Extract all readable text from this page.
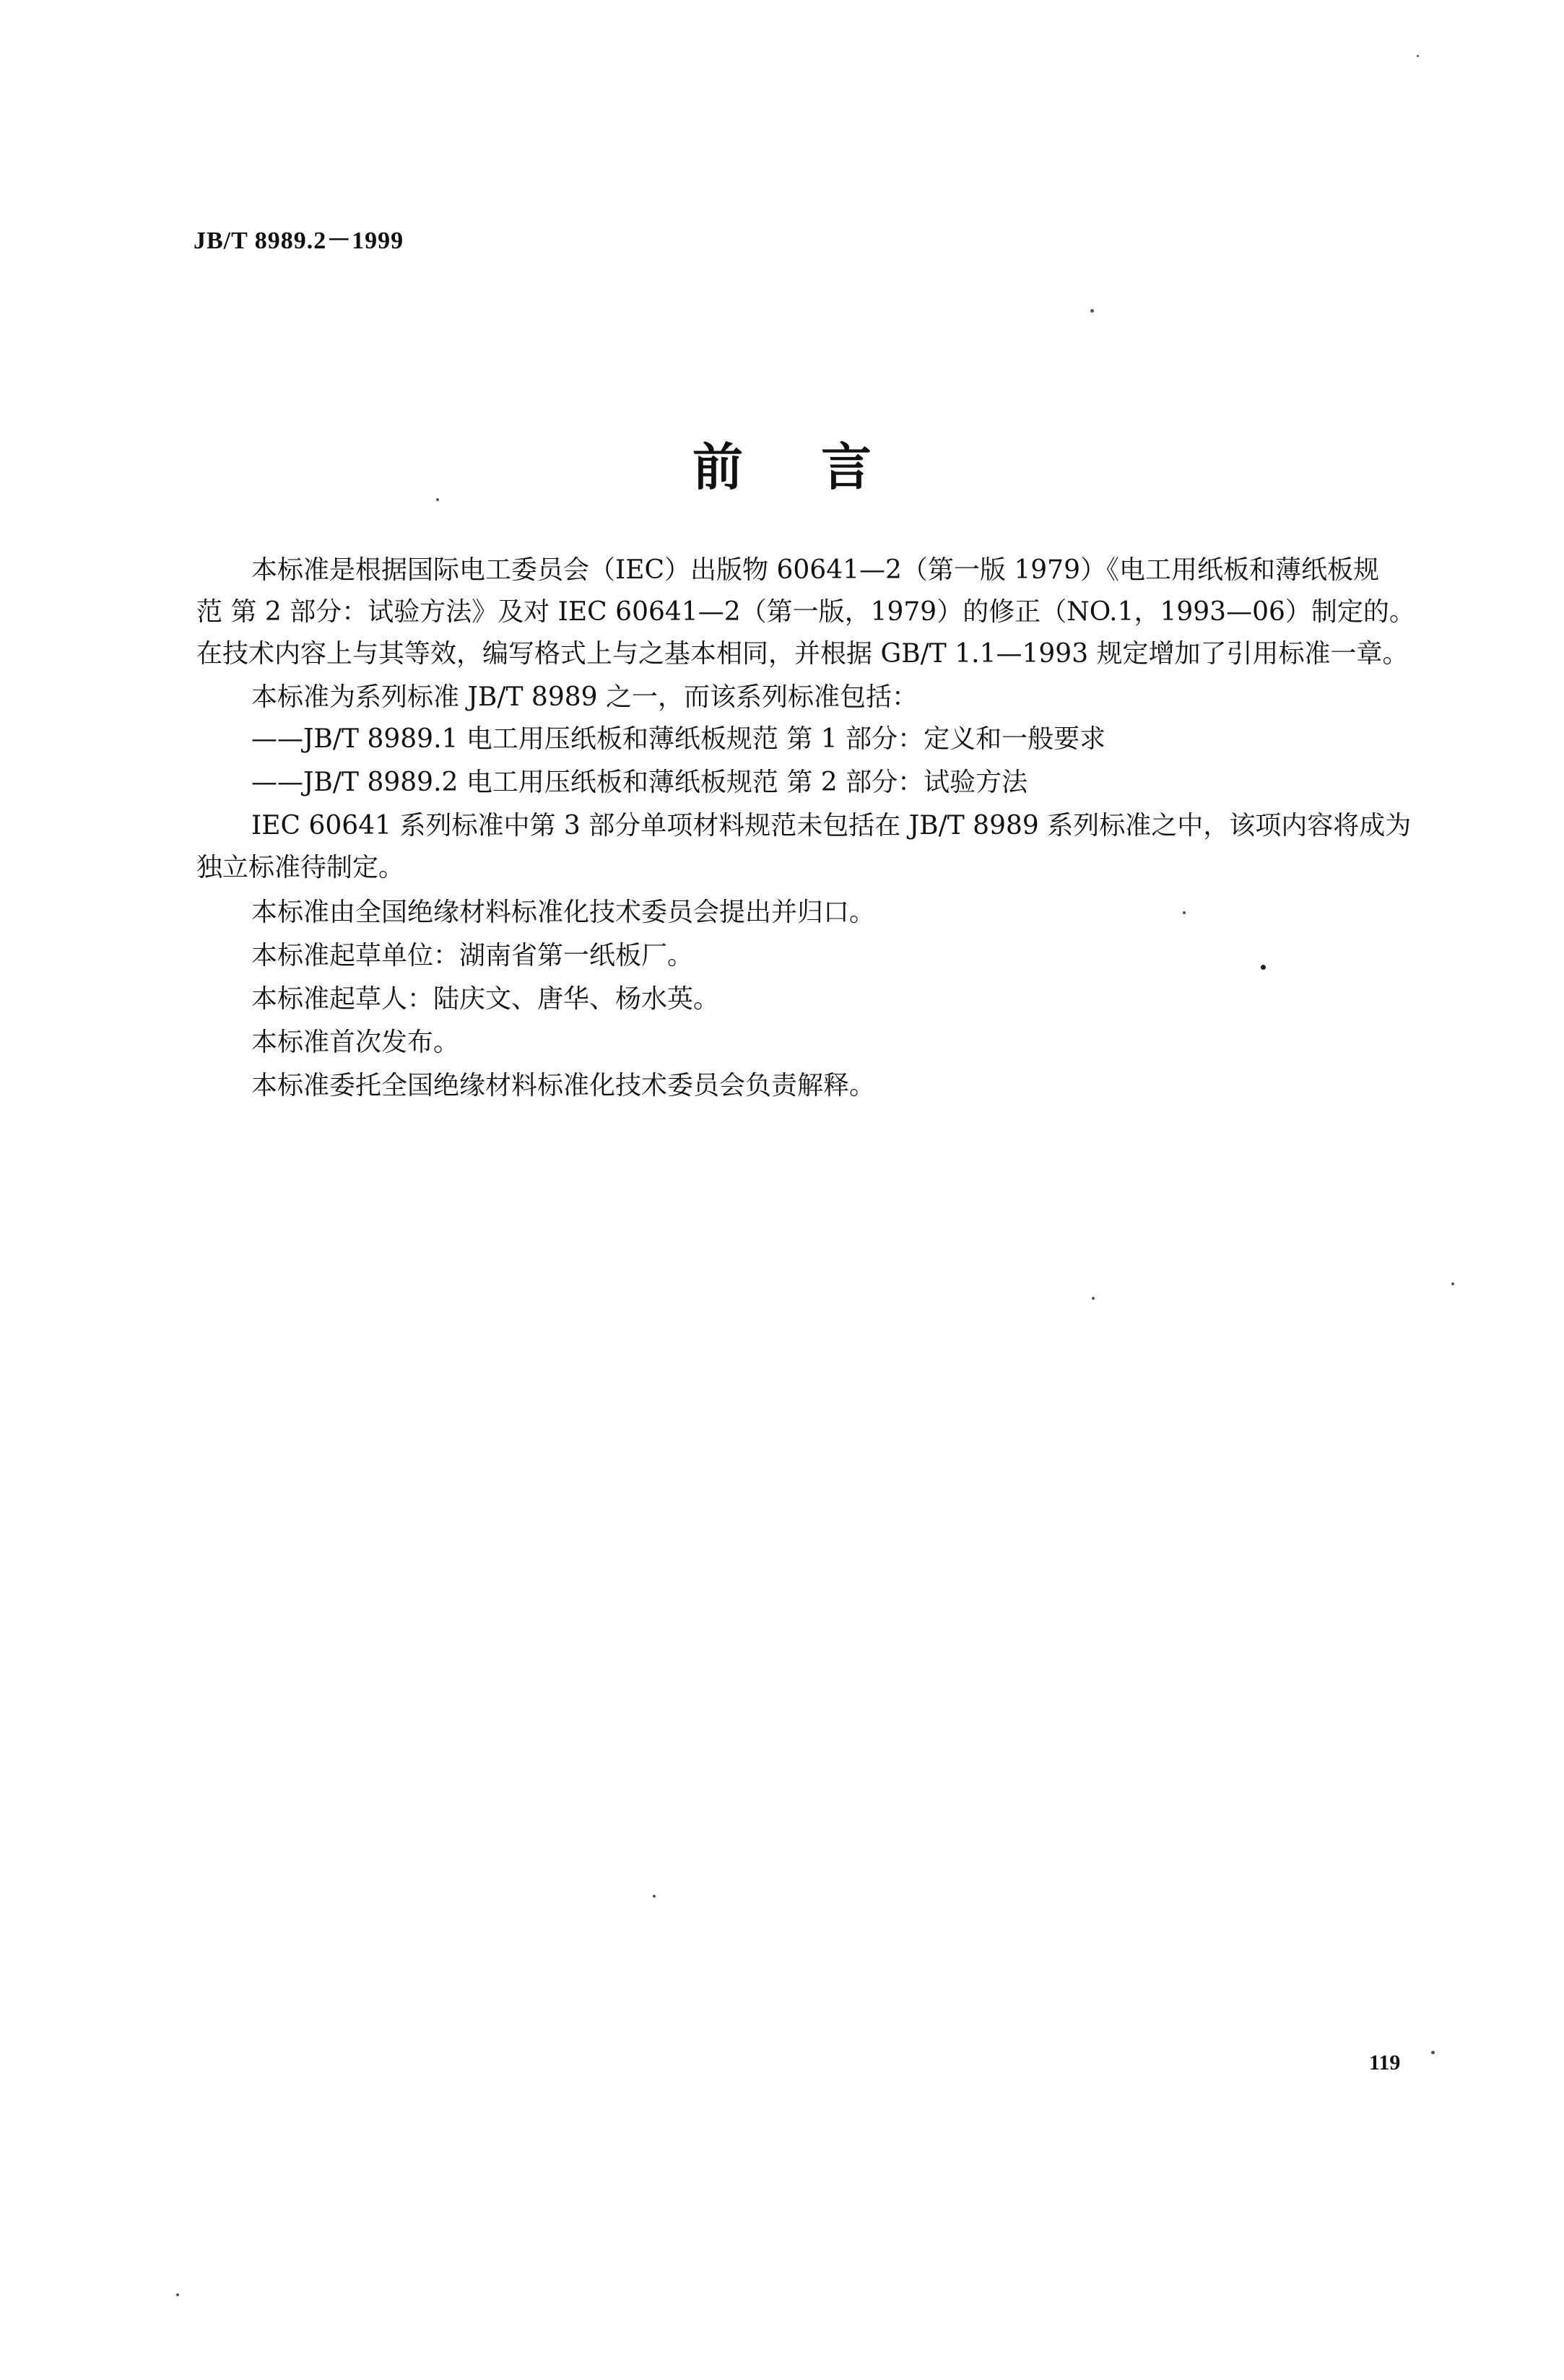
JB/T 8989.2－1999
前言
本标准是根据国际电工委员会（IEC）出版物 60641—2（第一版 1979）《电工用纸板和薄纸板规
范 第 2 部分：试验方法》及对 IEC 60641—2（第一版，1979）的修正（NO.1，1993—06）制定的。
在技术内容上与其等效，编写格式上与之基本相同，并根据 GB/T 1.1—1993 规定增加了引用标准一章。
本标准为系列标准 JB/T 8989 之一，而该系列标准包括：
——JB/T 8989.1 电工用压纸板和薄纸板规范 第 1 部分：定义和一般要求
——JB/T 8989.2 电工用压纸板和薄纸板规范 第 2 部分：试验方法
IEC 60641 系列标准中第 3 部分单项材料规范未包括在 JB/T 8989 系列标准之中，该项内容将成为
独立标准待制定。
本标准由全国绝缘材料标准化技术委员会提出并归口。
本标准起草单位：湖南省第一纸板厂。
本标准起草人：陆庆文、唐华、杨水英。
本标准首次发布。
本标准委托全国绝缘材料标准化技术委员会负责解释。
119
